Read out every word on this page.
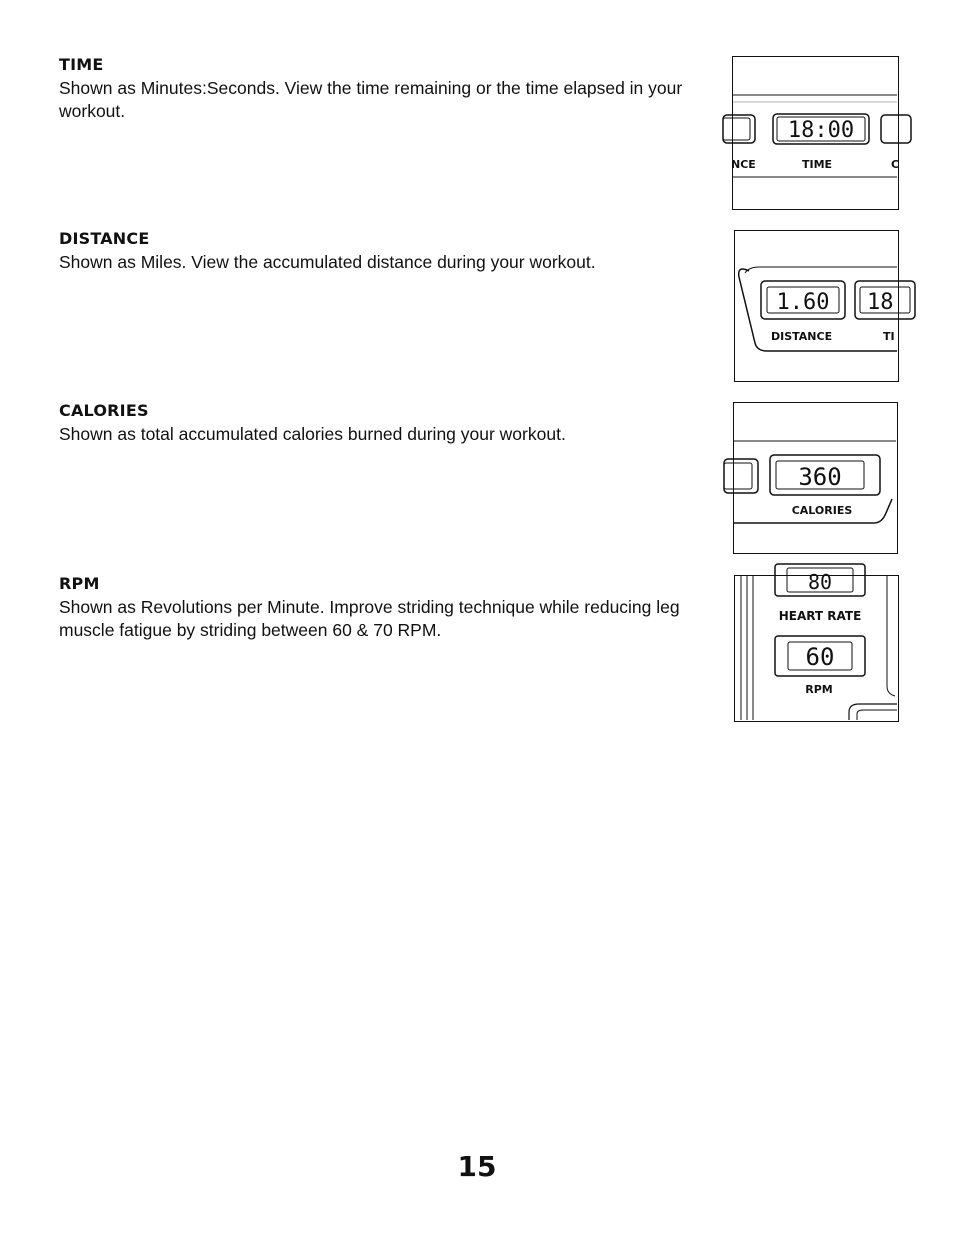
TIME

Shown as Minutes:Seconds. View the time remaining or the time elapsed in your workout.

DISTANCE

Shown as Miles. View the accumulated distance during your workout.

CALORIES

Shown as total accumulated calories burned during your workout.

RPM

Shown as Revolutions per Minute. Improve striding technique while reducing leg muscle fatigue by striding between 60 & 70 RPM.

18:00
NCE	TIME	C
1.60 18
DISTANCE	TI
360
CALORIES
80
HEART RATE
60
RPM
15
